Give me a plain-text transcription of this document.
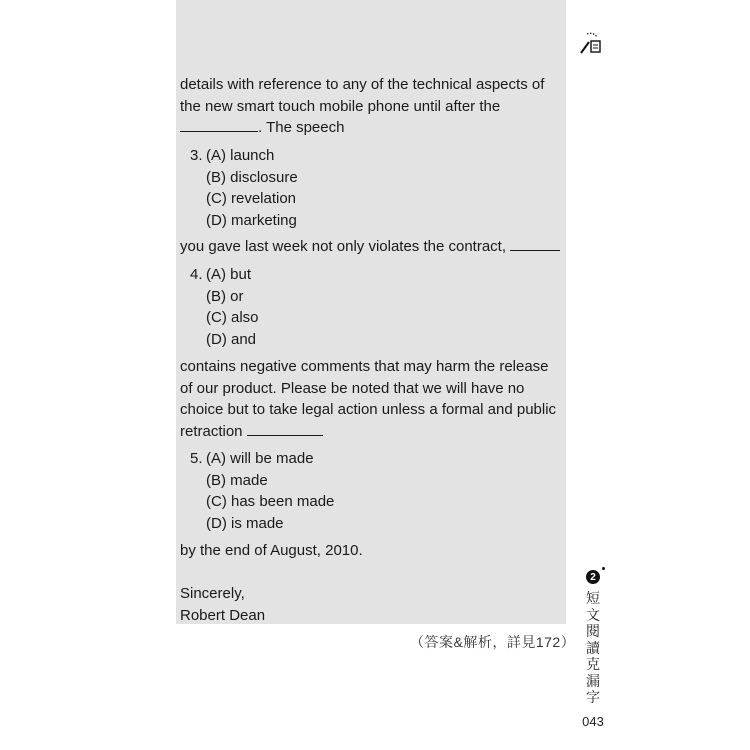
details with reference to any of the technical aspects of
the new smart touch mobile phone until after the
. The speech
3. (A) launch
(B) disclosure
(C) revelation
(D) marketing
you gave last week not only violates the contract,
4. (A) but
(B) or
(C) also
(D) and
contains negative comments that may harm the release
of our product. Please be noted that we will have no
choice but to take legal action unless a formal and public
retraction
5. (A) will be made
(B) made
(C) has been made
(D) is made
by the end of August, 2010.
Sincerely,
Robert Dean
（答案&解析，詳見172）
2
短文閱讀克漏字
043
